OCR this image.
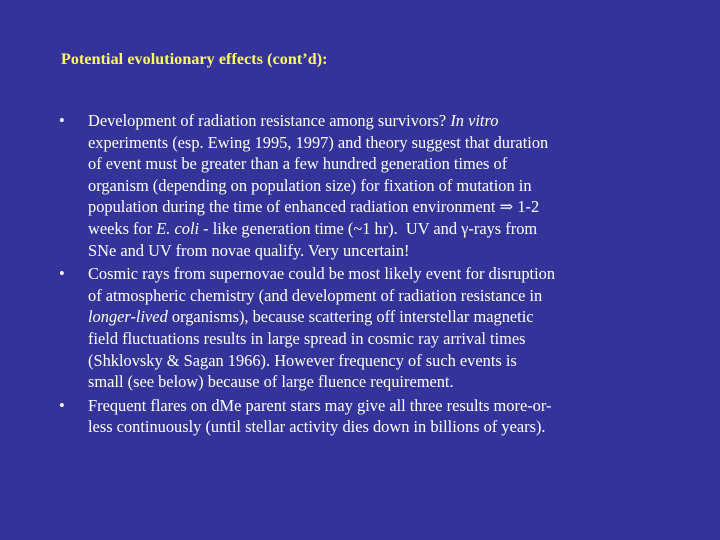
Potential evolutionary effects (cont’d):
• Development of radiation resistance among survivors? In vitro
experiments (esp. Ewing 1995, 1997) and theory suggest that duration
of event must be greater than a few hundred generation times of
organism (depending on population size) for fixation of mutation in
population during the time of enhanced radiation environment ⇒ 1-2
weeks for E. coli - like generation time (~1 hr).  UV and γ-rays from
SNe and UV from novae qualify. Very uncertain!
• Cosmic rays from supernovae could be most likely event for disruption
of atmospheric chemistry (and development of radiation resistance in
longer-lived organisms), because scattering off interstellar magnetic
field fluctuations results in large spread in cosmic ray arrival times
(Shklovsky & Sagan 1966). However frequency of such events is
small (see below) because of large fluence requirement.
• Frequent flares on dMe parent stars may give all three results more-or-
less continuously (until stellar activity dies down in billions of years).
